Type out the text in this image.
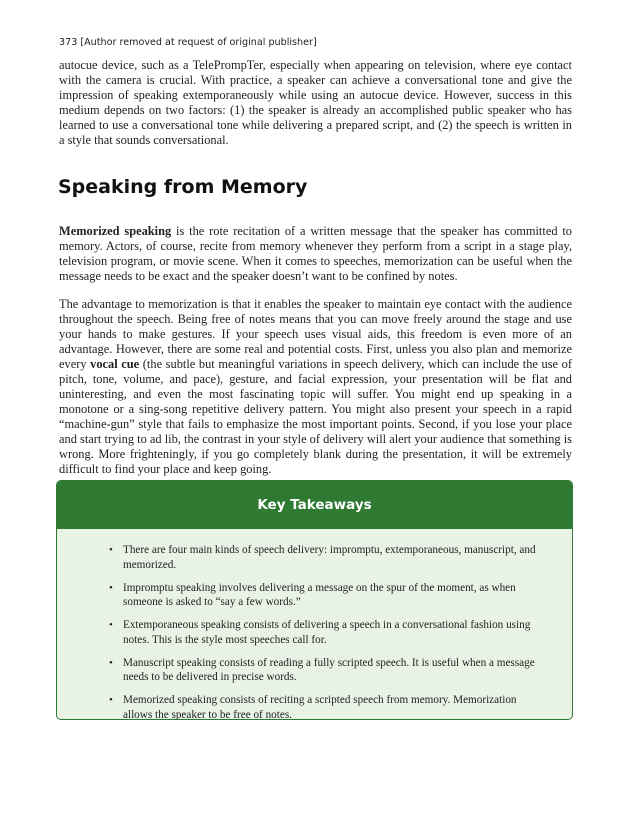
373 [Author removed at request of original publisher]

autocue device, such as a TelePrompTer, especially when appearing on television, where eye contact with the camera is crucial. With practice, a speaker can achieve a conversational tone and give the impression of speaking extemporaneously while using an autocue device. However, success in this medium depends on two factors: (1) the speaker is already an accomplished public speaker who has learned to use a conversational tone while delivering a prepared script, and (2) the speech is written in a style that sounds conversational.

Speaking from Memory

Memorized speaking is the rote recitation of a written message that the speaker has committed to memory. Actors, of course, recite from memory whenever they perform from a script in a stage play, television program, or movie scene. When it comes to speeches, memorization can be useful when the message needs to be exact and the speaker doesn’t want to be confined by notes.

The advantage to memorization is that it enables the speaker to maintain eye contact with the audience throughout the speech. Being free of notes means that you can move freely around the stage and use your hands to make gestures. If your speech uses visual aids, this freedom is even more of an advantage. However, there are some real and potential costs. First, unless you also plan and memorize every vocal cue (the subtle but meaningful variations in speech delivery, which can include the use of pitch, tone, volume, and pace), gesture, and facial expression, your presentation will be flat and uninteresting, and even the most fascinating topic will suffer. You might end up speaking in a monotone or a sing-song repetitive delivery pattern. You might also present your speech in a rapid “machine-gun” style that fails to emphasize the most important points. Second, if you lose your place and start trying to ad lib, the contrast in your style of delivery will alert your audience that something is wrong. More frighteningly, if you go completely blank during the presentation, it will be extremely difficult to find your place and keep going.

Key Takeaways
• There are four main kinds of speech delivery: impromptu, extemporaneous, manuscript, and memorized.
• Impromptu speaking involves delivering a message on the spur of the moment, as when someone is asked to “say a few words.”
• Extemporaneous speaking consists of delivering a speech in a conversational fashion using notes. This is the style most speeches call for.
• Manuscript speaking consists of reading a fully scripted speech. It is useful when a message needs to be delivered in precise words.
• Memorized speaking consists of reciting a scripted speech from memory. Memorization allows the speaker to be free of notes.
